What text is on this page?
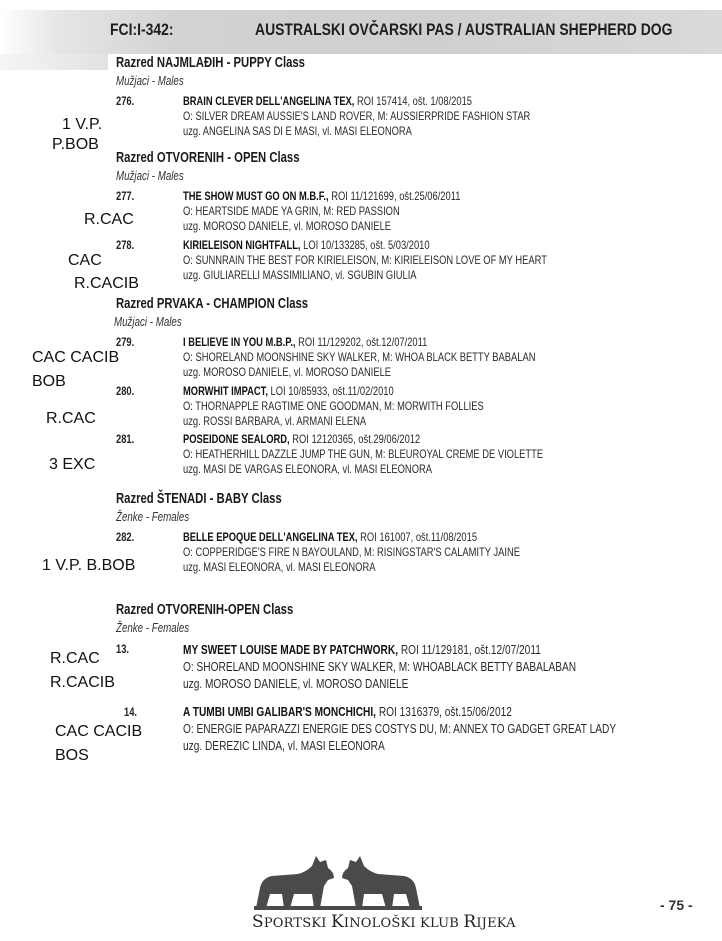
FCI:I-342:	AUSTRALSKI OVČARSKI PAS / AUSTRALIAN SHEPHERD DOG
Razred NAJMLAĐIH - PUPPY Class
Mužjaci - Males
276.	BRAIN CLEVER DELL'ANGELINA TEX, ROI 157414, ošt. 1/08/2015
O: SILVER DREAM AUSSIE'S LAND ROVER, M: AUSSIERPRIDE FASHION STAR
uzg. ANGELINA SAS DI E MASI, vl. MASI ELEONORA
1 V.P.
P.BOB
Razred OTVORENIH - OPEN Class
Mužjaci - Males
277.	THE SHOW MUST GO ON M.B.F., ROI 11/121699, ošt.25/06/2011
O: HEARTSIDE MADE YA GRIN, M: RED PASSION
uzg. MOROSO DANIELE, vl. MOROSO DANIELE
R.CAC
278.	KIRIELEISON NIGHTFALL, LOI 10/133285, ošt. 5/03/2010
O: SUNNRAIN THE BEST FOR KIRIELEISON, M: KIRIELEISON LOVE OF MY HEART
uzg. GIULIARELLI MASSIMILIANO, vl. SGUBIN GIULIA
CAC
R.CACIB
Razred PRVAKA - CHAMPION Class
Mužjaci - Males
279.	I BELIEVE IN YOU M.B.P., ROI 11/129202, ošt.12/07/2011
O: SHORELAND MOONSHINE SKY WALKER, M: WHOA BLACK BETTY BABALAN
uzg. MOROSO DANIELE, vl. MOROSO DANIELE
CAC CACIB
BOB
280.	MORWHIT IMPACT, LOI 10/85933, ošt.11/02/2010
O: THORNAPPLE RAGTIME ONE GOODMAN, M: MORWITH FOLLIES
uzg. ROSSI BARBARA, vl. ARMANI ELENA
R.CAC
281.	POSEIDONE SEALORD, ROI 12120365, ošt.29/06/2012
O: HEATHERHILL DAZZLE JUMP THE GUN, M: BLEUROYAL CREME DE VIOLETTE
uzg. MASI DE VARGAS ELEONORA, vl. MASI ELEONORA
3 EXC
Razred ŠTENADI - BABY Class
Ženke - Females
282.	BELLE EPOQUE DELL'ANGELINA TEX, ROI 161007, ošt.11/08/2015
O: COPPERIDGE'S FIRE N BAYOULAND, M: RISINGSTAR'S CALAMITY JAINE
uzg. MASI ELEONORA, vl. MASI ELEONORA
1 V.P. B.BOB
Razred OTVORENIH-OPEN Class
Ženke - Females
13.	MY SWEET LOUISE MADE BY PATCHWORK, ROI 11/129181, ošt.12/07/2011
O: SHORELAND MOONSHINE SKY WALKER, M: WHOABLACK BETTY BABALABAN
uzg. MOROSO DANIELE, vl. MOROSO DANIELE
R.CAC
R.CACIB
14.	A TUMBI UMBI GALIBAR'S MONCHICHI, ROI 1316379, ošt.15/06/2012
O: ENERGIE PAPARAZZI ENERGIE DES COSTYS DU, M: ANNEX TO GADGET GREAT LADY
uzg. DEREZIC LINDA, vl. MASI ELEONORA
CAC CACIB
BOS
SPORTSKI KINOLOŠKI KLUB RIJEKA
- 75 -
